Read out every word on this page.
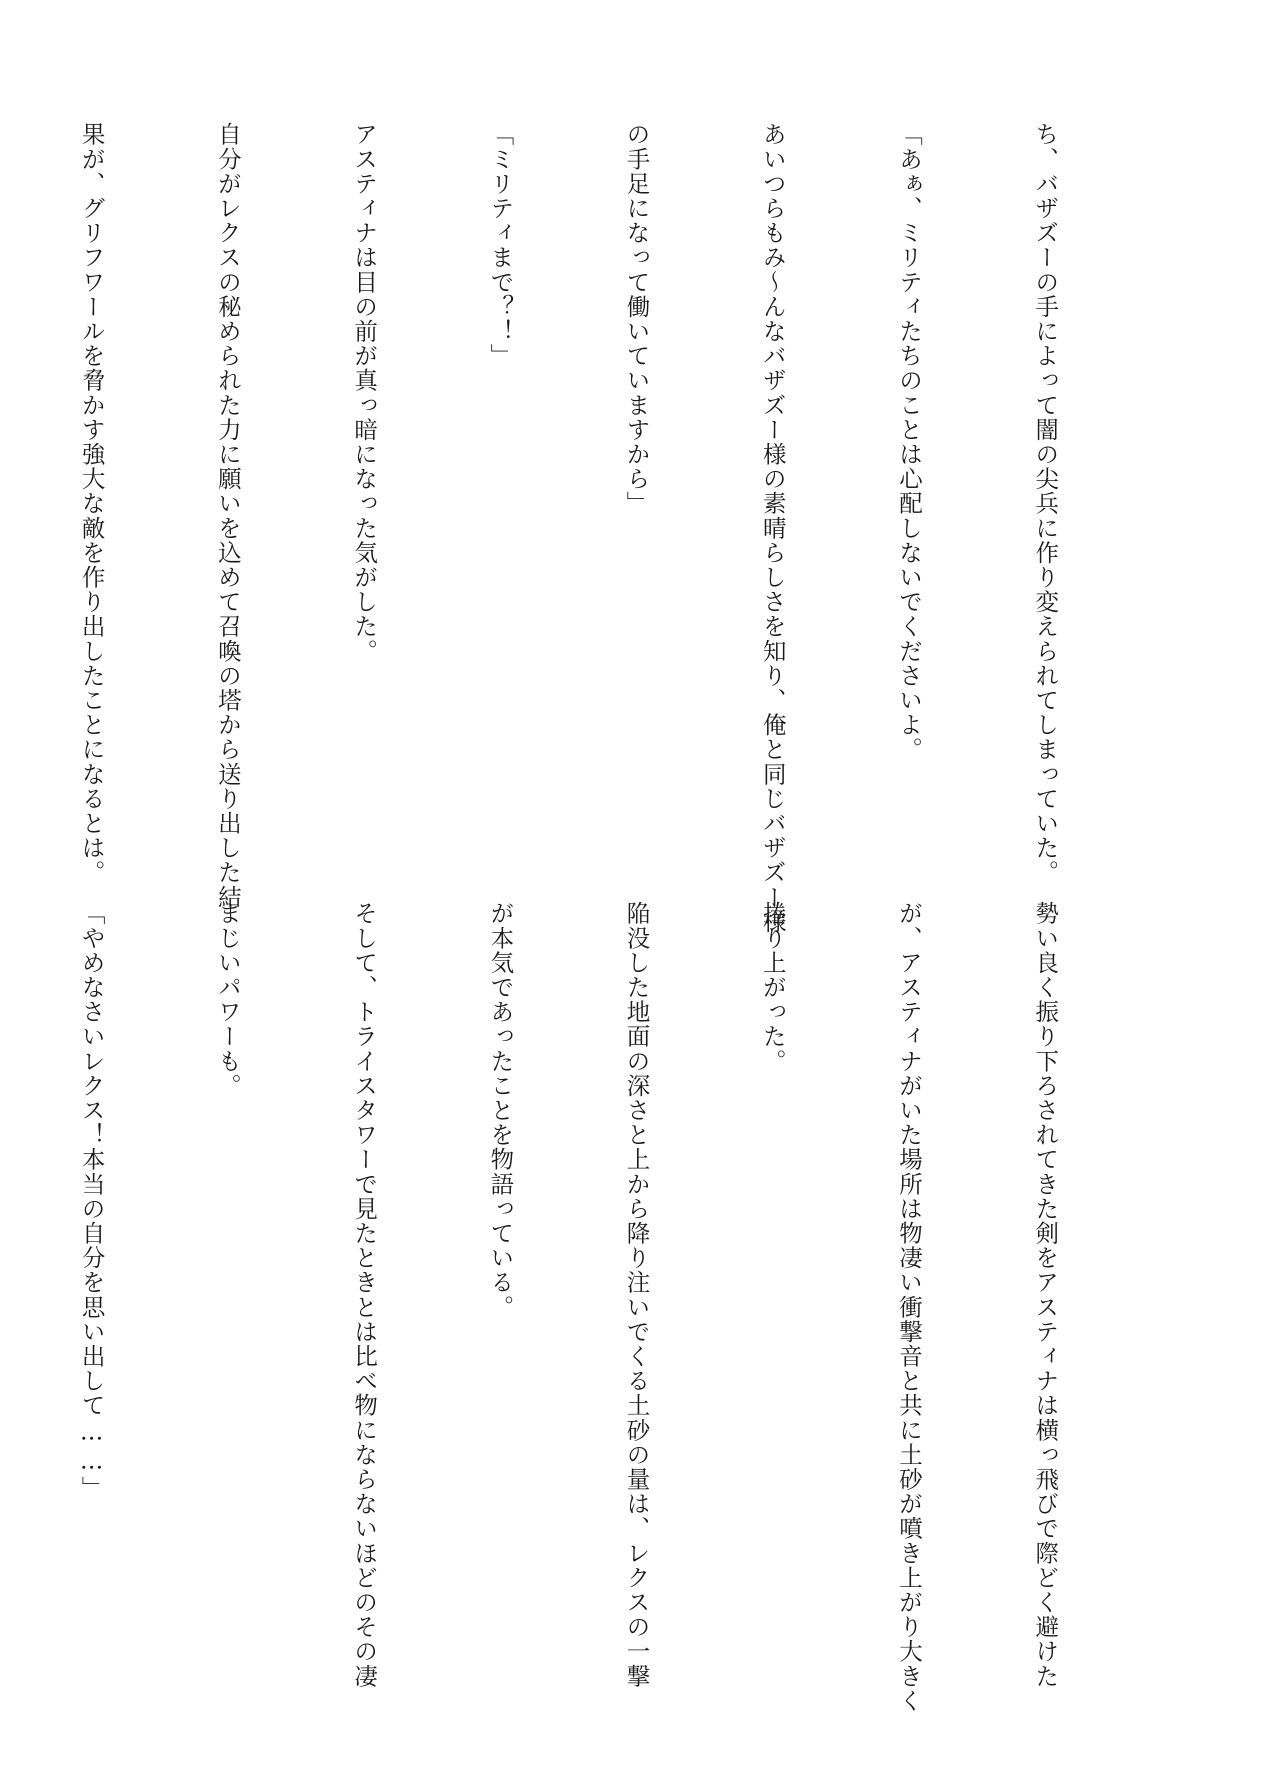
ち、バザズーの手によって闇の尖兵に作り変えられてしまっていた。

「あぁ、ミリティたちのことは心配しないでくださいよ。

あいつらもみ～んなバザズー様の素晴らしさを知り、俺と同じバザズー様

の手足になって働いていますから」

「ミリティまで？！」

アスティナは目の前が真っ暗になった気がした。

自分がレクスの秘められた力に願いを込めて召喚の塔から送り出した結

果が、グリフワールを脅かす強大な敵を作り出したことになるとは。

勢い良く振り下ろされてきた剣をアスティナは横っ飛びで際どく避けた

が、アスティナがいた場所は物凄い衝撃音と共に土砂が噴き上がり大きく

捲り上がった。

陥没した地面の深さと上から降り注いでくる土砂の量は、レクスの一撃

が本気であったことを物語っている。

そして、トライスタワーで見たときとは比べ物にならないほどのその凄

まじいパワーも。

「やめなさいレクス！本当の自分を思い出して……」
